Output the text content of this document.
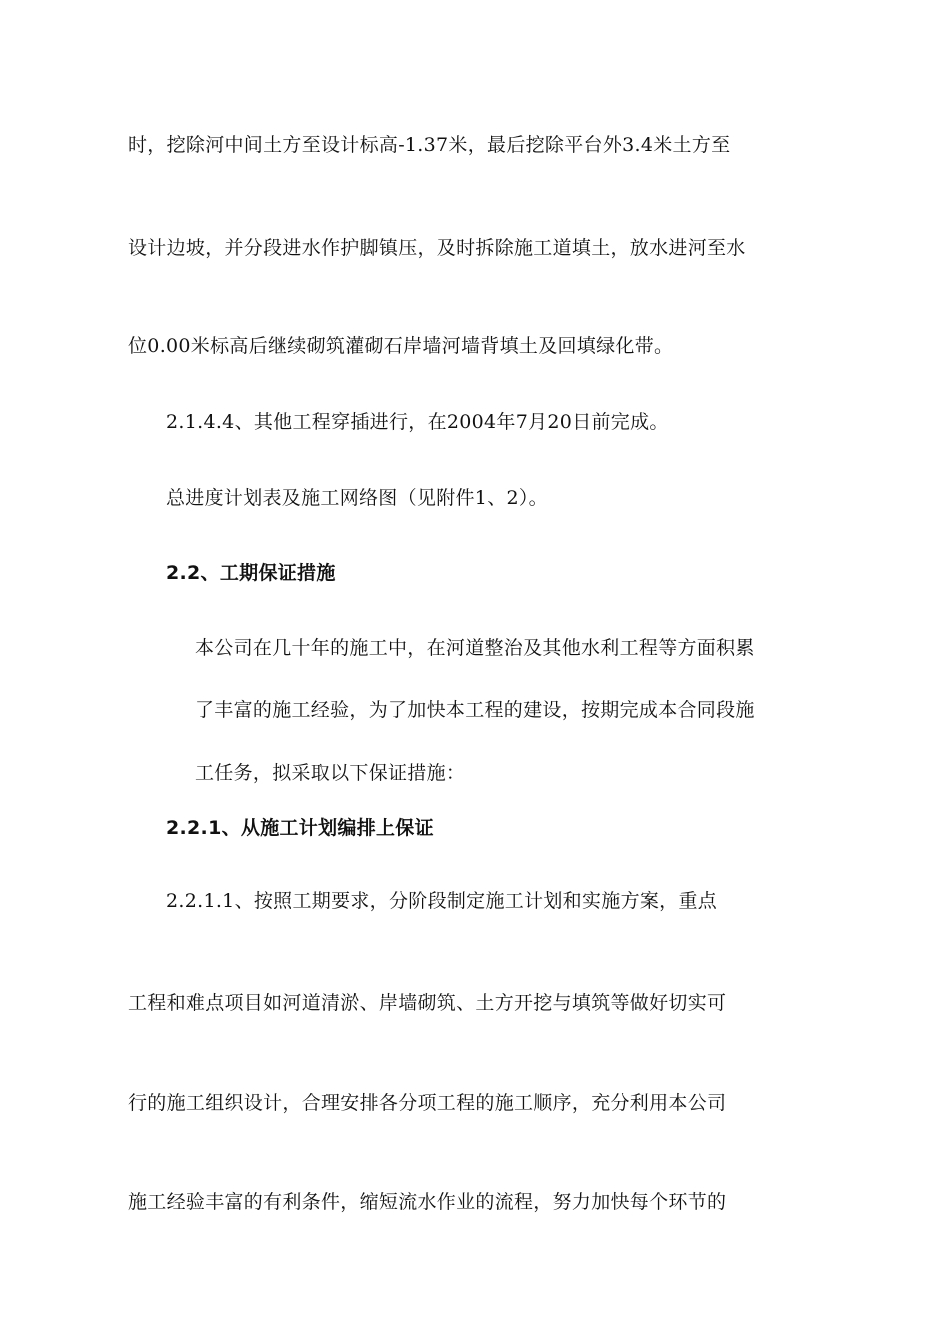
时，挖除河中间土方至设计标高-1.37米，最后挖除平台外3.4米土方至

设计边坡，并分段进水作护脚镇压，及时拆除施工道填土，放水进河至水

位0.00米标高后继续砌筑灌砌石岸墙河墙背填土及回填绿化带。

2.1.4.4、其他工程穿插进行，在2004年7月20日前完成。

总进度计划表及施工网络图（见附件1、2）。

2.2、工期保证措施

本公司在几十年的施工中，在河道整治及其他水利工程等方面积累

了丰富的施工经验，为了加快本工程的建设，按期完成本合同段施

工任务，拟采取以下保证措施：

2.2.1、从施工计划编排上保证

2.2.1.1、按照工期要求，分阶段制定施工计划和实施方案，重点

工程和难点项目如河道清淤、岸墙砌筑、土方开挖与填筑等做好切实可

行的施工组织设计，合理安排各分项工程的施工顺序，充分利用本公司

施工经验丰富的有利条件，缩短流水作业的流程，努力加快每个环节的
